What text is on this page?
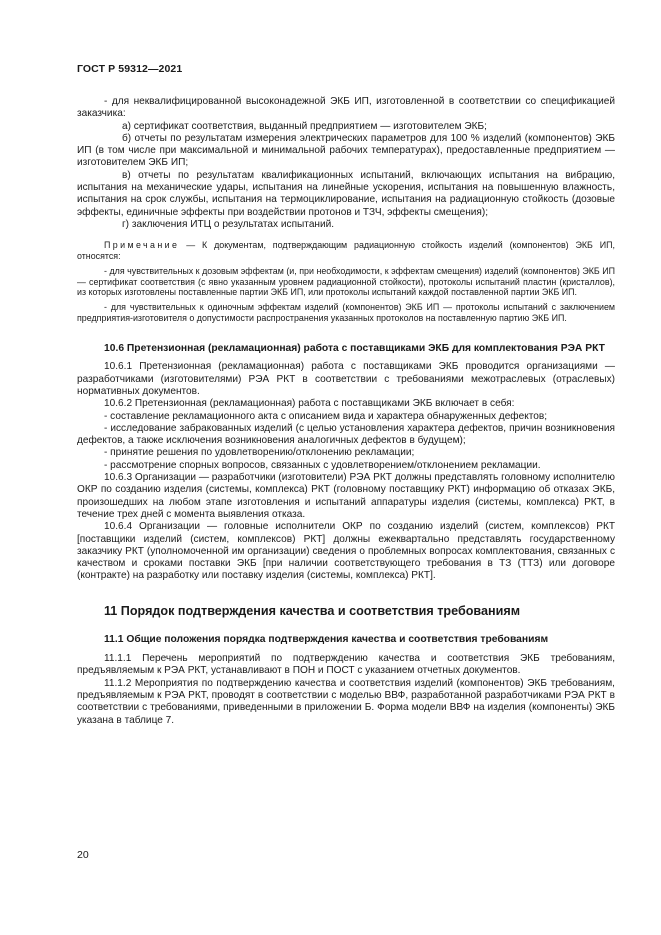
ГОСТ Р 59312—2021

- для неквалифицированной высоконадежной ЭКБ ИП, изготовленной в соответствии со спецификацией заказчика:

а) сертификат соответствия, выданный предприятием — изготовителем ЭКБ;

б) отчеты по результатам измерения электрических параметров для 100 % изделий (компонентов) ЭКБ ИП (в том числе при максимальной и минимальной рабочих температурах), предоставленные предприятием — изготовителем ЭКБ ИП;

в) отчеты по результатам квалификационных испытаний, включающих испытания на вибрацию, испытания на механические удары, испытания на линейные ускорения, испытания на повышенную влажность, испытания на срок службы, испытания на термоциклирование, испытания на радиационную стойкость (дозовые эффекты, единичные эффекты при воздействии протонов и ТЗЧ, эффекты смещения);

г) заключения ИТЦ о результатах испытаний.

Примечание — К документам, подтверждающим радиационную стойкость изделий (компонентов) ЭКБ ИП, относятся:

- для чувствительных к дозовым эффектам (и, при необходимости, к эффектам смещения) изделий (компонентов) ЭКБ ИП — сертификат соответствия (с явно указанным уровнем радиационной стойкости), протоколы испытаний пластин (кристаллов), из которых изготовлены поставленные партии ЭКБ ИП, или протоколы испытаний каждой поставленной партии ЭКБ ИП.

- для чувствительных к одиночным эффектам изделий (компонентов) ЭКБ ИП — протоколы испытаний с заключением предприятия-изготовителя о допустимости распространения указанных протоколов на поставленную партию ЭКБ ИП.

10.6 Претензионная (рекламационная) работа с поставщиками ЭКБ для комплектования РЭА РКТ

10.6.1 Претензионная (рекламационная) работа с поставщиками ЭКБ проводится организациями — разработчиками (изготовителями) РЭА РКТ в соответствии с требованиями межотраслевых (отраслевых) нормативных документов.

10.6.2 Претензионная (рекламационная) работа с поставщиками ЭКБ включает в себя:

- составление рекламационного акта с описанием вида и характера обнаруженных дефектов;

- исследование забракованных изделий (с целью установления характера дефектов, причин возникновения дефектов, а также исключения возникновения аналогичных дефектов в будущем);

- принятие решения по удовлетворению/отклонению рекламации;

- рассмотрение спорных вопросов, связанных с удовлетворением/отклонением рекламации.

10.6.3 Организации — разработчики (изготовители) РЭА РКТ должны представлять головному исполнителю ОКР по созданию изделия (системы, комплекса) РКТ (головному поставщику РКТ) информацию об отказах ЭКБ, произошедших на любом этапе изготовления и испытаний аппаратуры изделия (системы, комплекса) РКТ, в течение трех дней с момента выявления отказа.

10.6.4 Организации — головные исполнители ОКР по созданию изделий (систем, комплексов) РКТ [поставщики изделий (систем, комплексов) РКТ] должны ежеквартально представлять государственному заказчику РКТ (уполномоченной им организации) сведения о проблемных вопросах комплектования, связанных с качеством и сроками поставки ЭКБ [при наличии соответствующего требования в ТЗ (ТТЗ) или договоре (контракте) на разработку или поставку изделия (системы, комплекса) РКТ].

11 Порядок подтверждения качества и соответствия требованиям
11.1 Общие положения порядка подтверждения качества и соответствия требованиям

11.1.1 Перечень мероприятий по подтверждению качества и соответствия ЭКБ требованиям, предъявляемым к РЭА РКТ, устанавливают в ПОН и ПОСТ с указанием отчетных документов.

11.1.2 Мероприятия по подтверждению качества и соответствия изделий (компонентов) ЭКБ требованиям, предъявляемым к РЭА РКТ, проводят в соответствии с моделью ВВФ, разработанной разработчиками РЭА РКТ в соответствии с требованиями, приведенными в приложении Б. Форма модели ВВФ на изделия (компоненты) ЭКБ указана в таблице 7.

20
